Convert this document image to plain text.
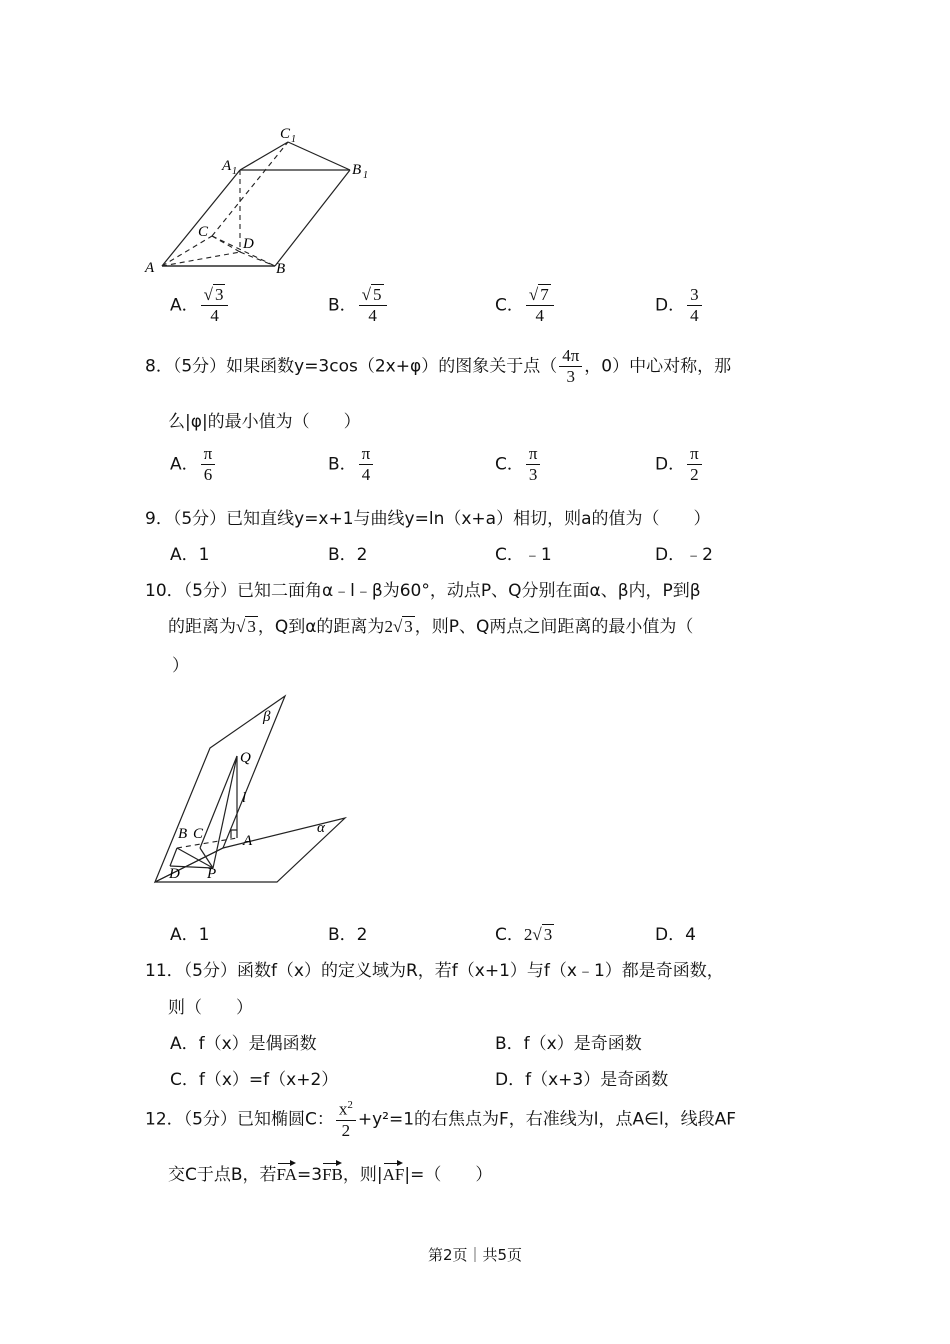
C 1
A 1	B 1
C
D
A	B
A． $\frac{√ 3}{4}$	B． $\frac{√ 5}{4}$	C． $\frac{√ 7}{4}$	D． $\frac{3}{4}$
8．（5分）如果函数y=3cos（2x+φ）的图象关于点（ $\frac{4\pi}{3}$ ，0）中心对称，那
么|φ|的最小值为（　　）
A． $\frac{\pi}{6}$	B． $\frac{\pi}{4}$	C． $\frac{\pi}{3}$	D． $\frac{\pi}{2}$
9．（5分）已知直线y=x+1与曲线y=ln（x+a）相切，则a的值为（　　）
A．1	B．2	C．﹣1	D．﹣2
10．（5分）已知二面角α﹣l﹣β为60°，动点P、Q分别在面α、β内，P到β
的距离为√ 3 ，Q到α的距离为2√ 3 ，则P、Q两点之间距离的最小值为（
）
β
Q
l
α
B C	A
D P
A．1	B．2	C．2√ 3	D．4
11．（5分）函数f（x）的定义域为R，若f（x+1）与f（x﹣1）都是奇函数，
则（　　）
A．f（x）是偶函数	B．f（x）是奇函数
C．f（x）=f（x+2）	D．f（x+3）是奇函数
12．（5分）已知椭圆C： $\frac{x^2}{2} +y^2=1$的右焦点为F，右准线为l，点A∈l，线段AF
交C于点B，若FA=3FB，则|AF|=（　　）
第2页｜共5页
